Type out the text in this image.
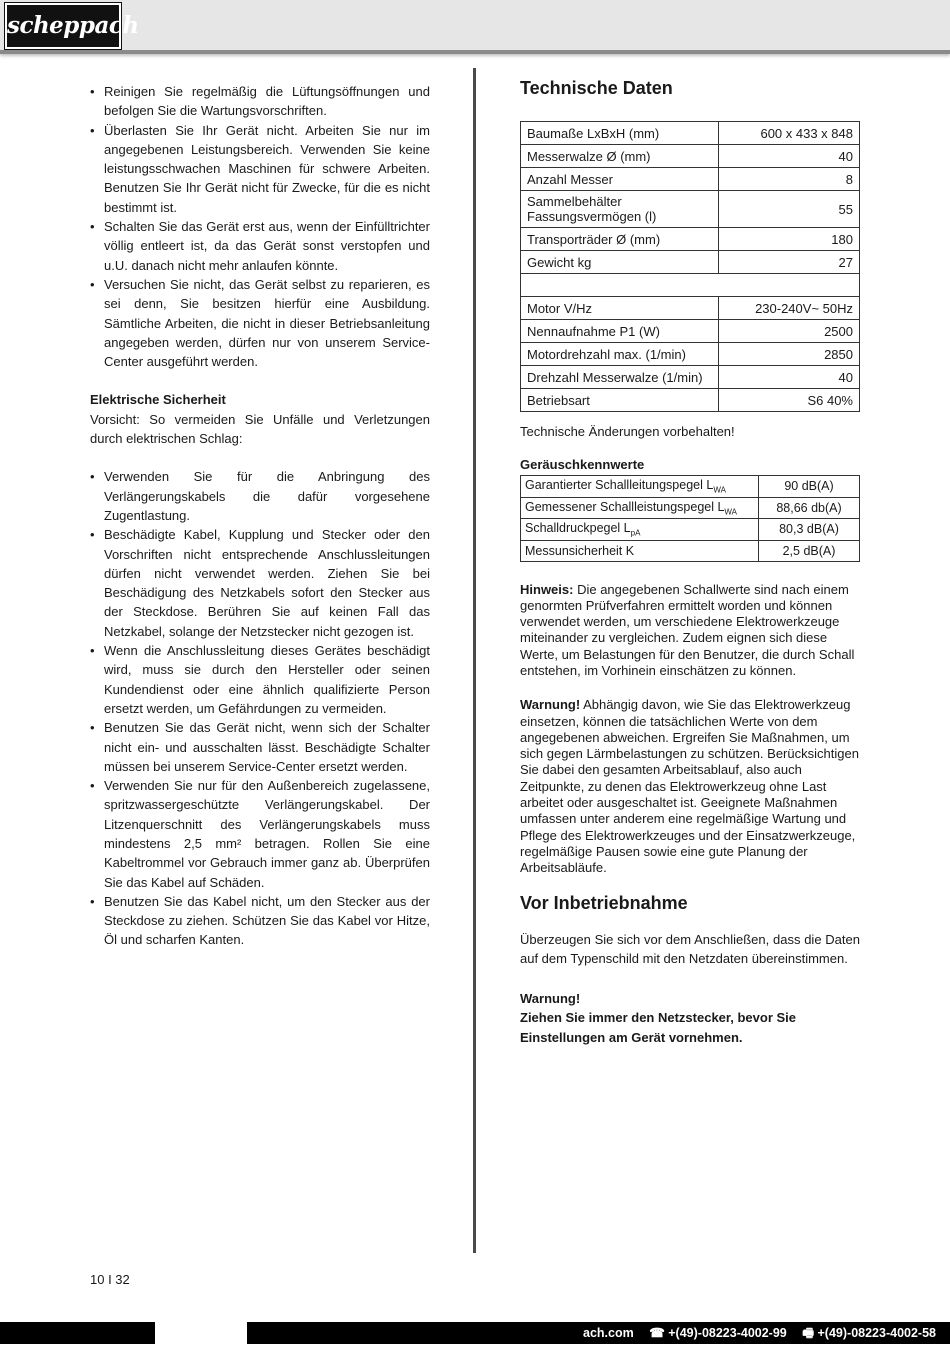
scheppach
• Reinigen Sie regelmäßig die Lüftungsöffnungen und befolgen Sie die Wartungsvorschriften.
• Überlasten Sie Ihr Gerät nicht. Arbeiten Sie nur im angegebenen Leistungsbereich. Verwenden Sie keine leistungsschwachen Maschinen für schwere Arbeiten. Benutzen Sie Ihr Gerät nicht für Zwecke, für die es nicht bestimmt ist.
• Schalten Sie das Gerät erst aus, wenn der Einfülltrichter völlig entleert ist, da das Gerät sonst verstopfen und u.U. danach nicht mehr anlaufen könnte.
• Versuchen Sie nicht, das Gerät selbst zu reparieren, es sei denn, Sie besitzen hierfür eine Ausbildung. Sämtliche Arbeiten, die nicht in dieser Betriebsanleitung angegeben werden, dürfen nur von unserem Service-Center ausgeführt werden.
Elektrische Sicherheit
Vorsicht: So vermeiden Sie Unfälle und Verletzungen durch elektrischen Schlag:
• Verwenden Sie für die Anbringung des Verlängerungskabels die dafür vorgesehene Zugentlastung.
• Beschädigte Kabel, Kupplung und Stecker oder den Vorschriften nicht entsprechende Anschlussleitungen dürfen nicht verwendet werden. Ziehen Sie bei Beschädigung des Netzkabels sofort den Stecker aus der Steckdose. Berühren Sie auf keinen Fall das Netzkabel, solange der Netzstecker nicht gezogen ist.
• Wenn die Anschlussleitung dieses Gerätes beschädigt wird, muss sie durch den Hersteller oder seinen Kundendienst oder eine ähnlich qualifizierte Person ersetzt werden, um Gefährdungen zu vermeiden.
• Benutzen Sie das Gerät nicht, wenn sich der Schalter nicht ein- und ausschalten lässt. Beschädigte Schalter müssen bei unserem Service-Center ersetzt werden.
• Verwenden Sie nur für den Außenbereich zugelassene, spritzwassergeschützte Verlängerungskabel. Der Litzenquerschnitt des Verlängerungskabels muss mindestens 2,5 mm² betragen. Rollen Sie eine Kabeltrommel vor Gebrauch immer ganz ab. Überprüfen Sie das Kabel auf Schäden.
• Benutzen Sie das Kabel nicht, um den Stecker aus der Steckdose zu ziehen. Schützen Sie das Kabel vor Hitze, Öl und scharfen Kanten.
Technische Daten
Baumaße LxBxH (mm)	600 x 433 x 848
Messerwalze Ø (mm)	40
Anzahl Messer	8
Sammelbehälter Fassungsvermögen (l)	55
Transporträder Ø (mm)	180
Gewicht kg	27

Motor V/Hz	230-240V~ 50Hz
Nennaufnahme P1 (W)	2500
Motordrehzahl max. (1/min)	2850
Drehzahl Messerwalze (1/min)	40
Betriebsart	S6 40%
Technische Änderungen vorbehalten!
Geräuschkennwerte
Garantierter Schallleitungspegel $L_{WA}$	90 dB(A)
Gemessener Schallleistungspegel $L_{WA}$	88,66 db(A)
Schalldruckpegel $L_{pA}$	80,3 dB(A)
Messunsicherheit K	2,5 dB(A)
Hinweis: Die angegebenen Schallwerte sind nach einem genormten Prüfverfahren ermittelt worden und können verwendet werden, um verschiedene Elektrowerkzeuge miteinander zu vergleichen. Zudem eignen sich diese Werte, um Belastungen für den Benutzer, die durch Schall entstehen, im Vorhinein einschätzen zu können.
Warnung! Abhängig davon, wie Sie das Elektrowerkzeug einsetzen, können die tatsächlichen Werte von dem angegebenen abweichen. Ergreifen Sie Maßnahmen, um sich gegen Lärmbelastungen zu schützen. Berücksichtigen Sie dabei den gesamten Arbeitsablauf, also auch Zeitpunkte, zu denen das Elektrowerkzeug ohne Last arbeitet oder ausgeschaltet ist. Geeignete Maßnahmen umfassen unter anderem eine regelmäßige Wartung und Pflege des Elektrowerkzeuges und der Einsatzwerkzeuge, regelmäßige Pausen sowie eine gute Planung der Arbeitsabläufe.
Vor Inbetriebnahme
Überzeugen Sie sich vor dem Anschließen, dass die Daten auf dem Typenschild mit den Netzdaten übereinstimmen.
Warnung!
Ziehen Sie immer den Netzstecker, bevor Sie Einstellungen am Gerät vornehmen.
10 I 32
ach.com ☎ +(49)-08223-4002-99 🖷 +(49)-08223-4002-58
